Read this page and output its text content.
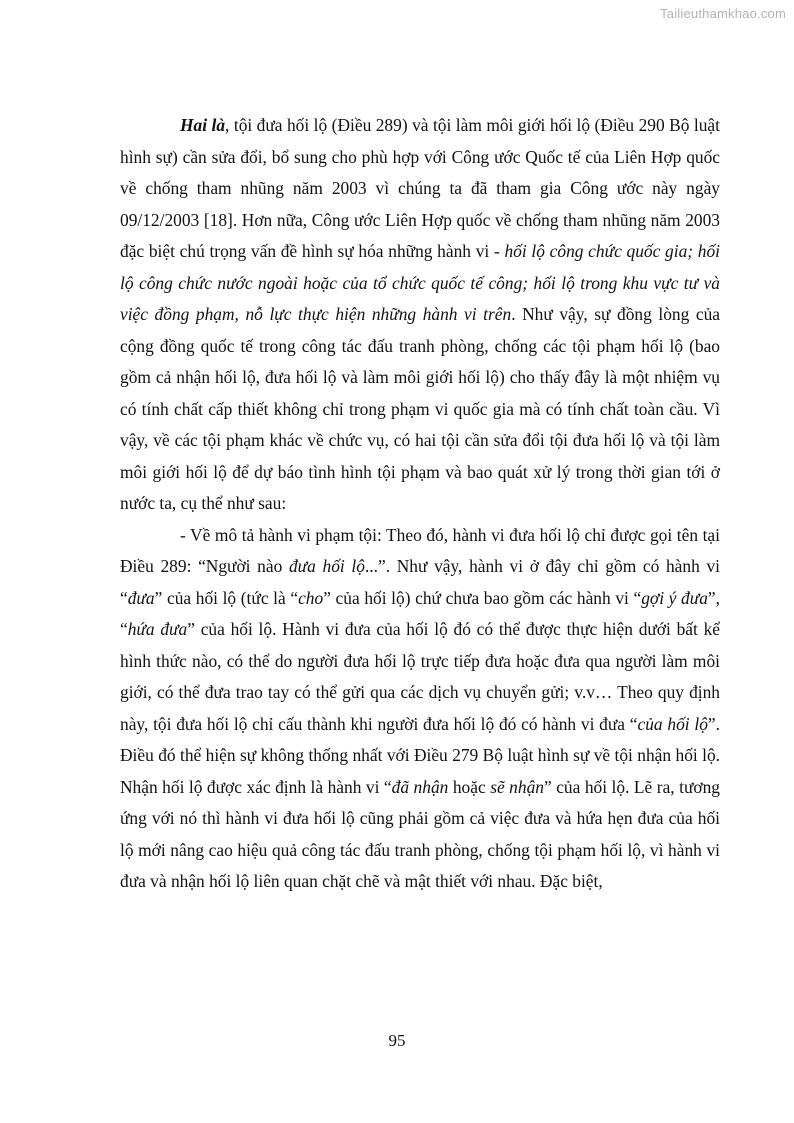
Tailieuthamkhao.com

Hai là, tội đưa hối lộ (Điều 289) và tội làm môi giới hối lộ (Điều 290 Bộ luật hình sự) cần sửa đổi, bổ sung cho phù hợp với Công ước Quốc tế của Liên Hợp quốc về chống tham nhũng năm 2003 vì chúng ta đã tham gia Công ước này ngày 09/12/2003 [18]. Hơn nữa, Công ước Liên Hợp quốc về chống tham nhũng năm 2003 đặc biệt chú trọng vấn đề hình sự hóa những hành vi - hối lộ công chức quốc gia; hối lộ công chức nước ngoài hoặc của tổ chức quốc tế công; hối lộ trong khu vực tư và việc đồng phạm, nỗ lực thực hiện những hành vi trên. Như vậy, sự đồng lòng của cộng đồng quốc tế trong công tác đấu tranh phòng, chống các tội phạm hối lộ (bao gồm cả nhận hối lộ, đưa hối lộ và làm môi giới hối lộ) cho thấy đây là một nhiệm vụ có tính chất cấp thiết không chỉ trong phạm vi quốc gia mà có tính chất toàn cầu. Vì vậy, về các tội phạm khác về chức vụ, có hai tội cần sửa đổi tội đưa hối lộ và tội làm môi giới hối lộ để dự báo tình hình tội phạm và bao quát xử lý trong thời gian tới ở nước ta, cụ thể như sau:

- Về mô tả hành vi phạm tội: Theo đó, hành vi đưa hối lộ chỉ được gọi tên tại Điều 289: “Người nào đưa hối lộ...”. Như vậy, hành vi ở đây chỉ gồm có hành vi “đưa” của hối lộ (tức là “cho” của hối lộ) chứ chưa bao gồm các hành vi “gợi ý đưa”, “hứa đưa” của hối lộ. Hành vi đưa của hối lộ đó có thể được thực hiện dưới bất kể hình thức nào, có thể do người đưa hối lộ trực tiếp đưa hoặc đưa qua người làm môi giới, có thể đưa trao tay có thể gửi qua các dịch vụ chuyển gửi; v.v… Theo quy định này, tội đưa hối lộ chỉ cấu thành khi người đưa hối lộ đó có hành vi đưa “của hối lộ”. Điều đó thể hiện sự không thống nhất với Điều 279 Bộ luật hình sự về tội nhận hối lộ. Nhận hối lộ được xác định là hành vi “đã nhận hoặc sẽ nhận” của hối lộ. Lẽ ra, tương ứng với nó thì hành vi đưa hối lộ cũng phải gồm cả việc đưa và hứa hẹn đưa của hối lộ mới nâng cao hiệu quả công tác đấu tranh phòng, chống tội phạm hối lộ, vì hành vi đưa và nhận hối lộ liên quan chặt chẽ và mật thiết với nhau. Đặc biệt,

95
